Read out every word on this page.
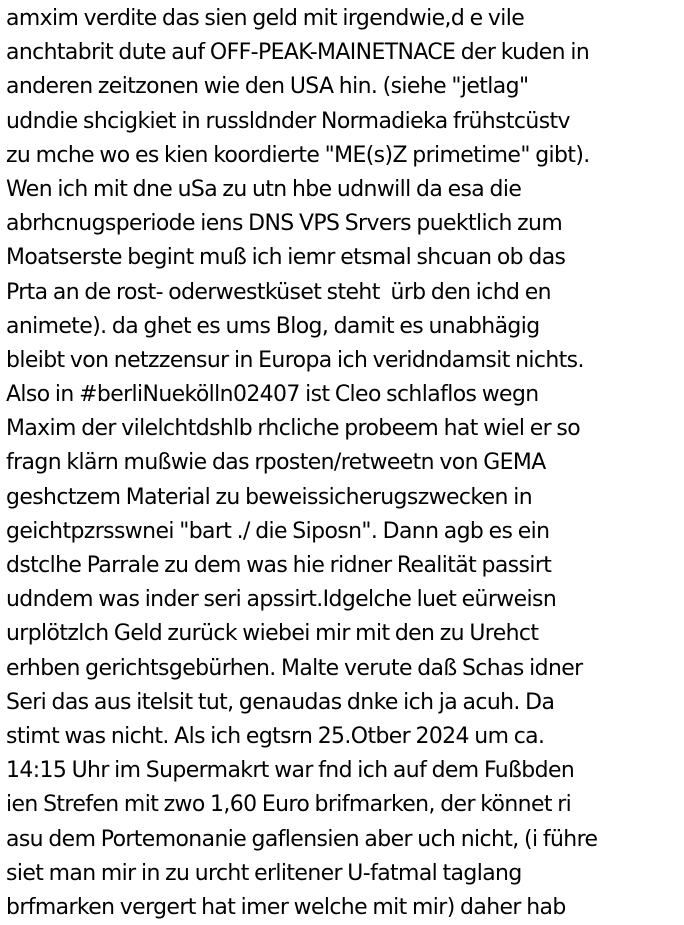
amxim verdite das sien geld mit irgendwie,d e vile
anchtabrit dute auf OFF-PEAK-MAINETNACE der kuden in
anderen zeitzonen wie den USA hin. (siehe "jetlag"
udndie shcigkiet in russldnder Normadieka frühstcüstv
zu mche wo es kien koordierte "ME(s)Z primetime" gibt).
Wen ich mit dne uSa zu utn hbe udnwill da esa die
abrhcnugsperiode iens DNS VPS Srvers puektlich zum
Moatserste begint muß ich iemr etsmal shcuan ob das
Prta an de rost- oderwestküset steht  ürb den ichd en
animete). da ghet es ums Blog, damit es unabhägig
bleibt von netzzensur in Europa ich veridndamsit nichts.
Also in #berliNuekölln02407 ist Cleo schlaflos wegn
Maxim der vilelchtdshlb rhcliche probeem hat wiel er so
fragn klärn mußwie das rposten/retweetn von GEMA
geshctzem Material zu beweissicherugszwecken in
geichtpzrsswnei "bart ./ die Siposn". Dann agb es ein
dstclhe Parrale zu dem was hie ridner Realität passirt
udndem was inder seri apssirt.Idgelche luet eürweisn
urplötzlch Geld zurück wiebei mir mit den zu Urehct
erhben gerichtsgebürhen. Malte verute daß Schas idner
Seri das aus itelsit tut, genaudas dnke ich ja acuh. Da
stimt was nicht. Als ich egtsrn 25.Otber 2024 um ca.
14:15 Uhr im Supermakrt war fnd ich auf dem Fußbden
ien Strefen mit zwo 1,60 Euro brifmarken, der könnet ri
asu dem Portemonanie gaflensien aber uch nicht, (i führe
siet man mir in zu urcht erlitener U-fatmal taglang
brfmarken vergert hat imer welche mit mir) daher hab
